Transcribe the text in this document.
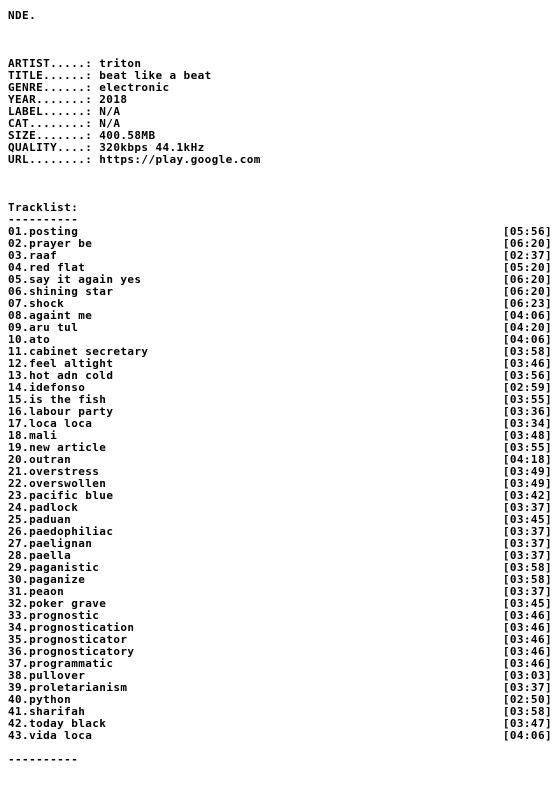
NDE.
ARTIST.....: triton
TITLE......: beat like a beat
GENRE......: electronic
YEAR.......: 2018
LABEL......: N/A
CAT........: N/A
SIZE.......: 400.58MB
QUALITY....: 320kbps 44.1kHz
URL........: https://play.google.com
Tracklist:
----------
01.posting	[05:56]
02.prayer be	[06:20]
03.raaf	[02:37]
04.red flat	[05:20]
05.say it again yes	[06:20]
06.shining star	[06:20]
07.shock	[06:23]
08.againt me	[04:06]
09.aru tul	[04:20]
10.ato	[04:06]
11.cabinet secretary	[03:58]
12.feel altight	[03:46]
13.hot adn cold	[03:56]
14.idefonso	[02:59]
15.is the fish	[03:55]
16.labour party	[03:36]
17.loca loca	[03:34]
18.mali	[03:48]
19.new article	[03:55]
20.outran	[04:18]
21.overstress	[03:49]
22.overswollen	[03:49]
23.pacific blue	[03:42]
24.padlock	[03:37]
25.paduan	[03:45]
26.paedophiliac	[03:37]
27.paelignan	[03:37]
28.paella	[03:37]
29.paganistic	[03:58]
30.paganize	[03:58]
31.peaon	[03:37]
32.poker grave	[03:45]
33.prognostic	[03:46]
34.prognostication	[03:46]
35.prognosticator	[03:46]
36.prognosticatory	[03:46]
37.programmatic	[03:46]
38.pullover	[03:03]
39.proletarianism	[03:37]
40.python	[02:50]
41.sharifah	[03:58]
42.today black	[03:47]
43.vida loca	[04:06]
----------
